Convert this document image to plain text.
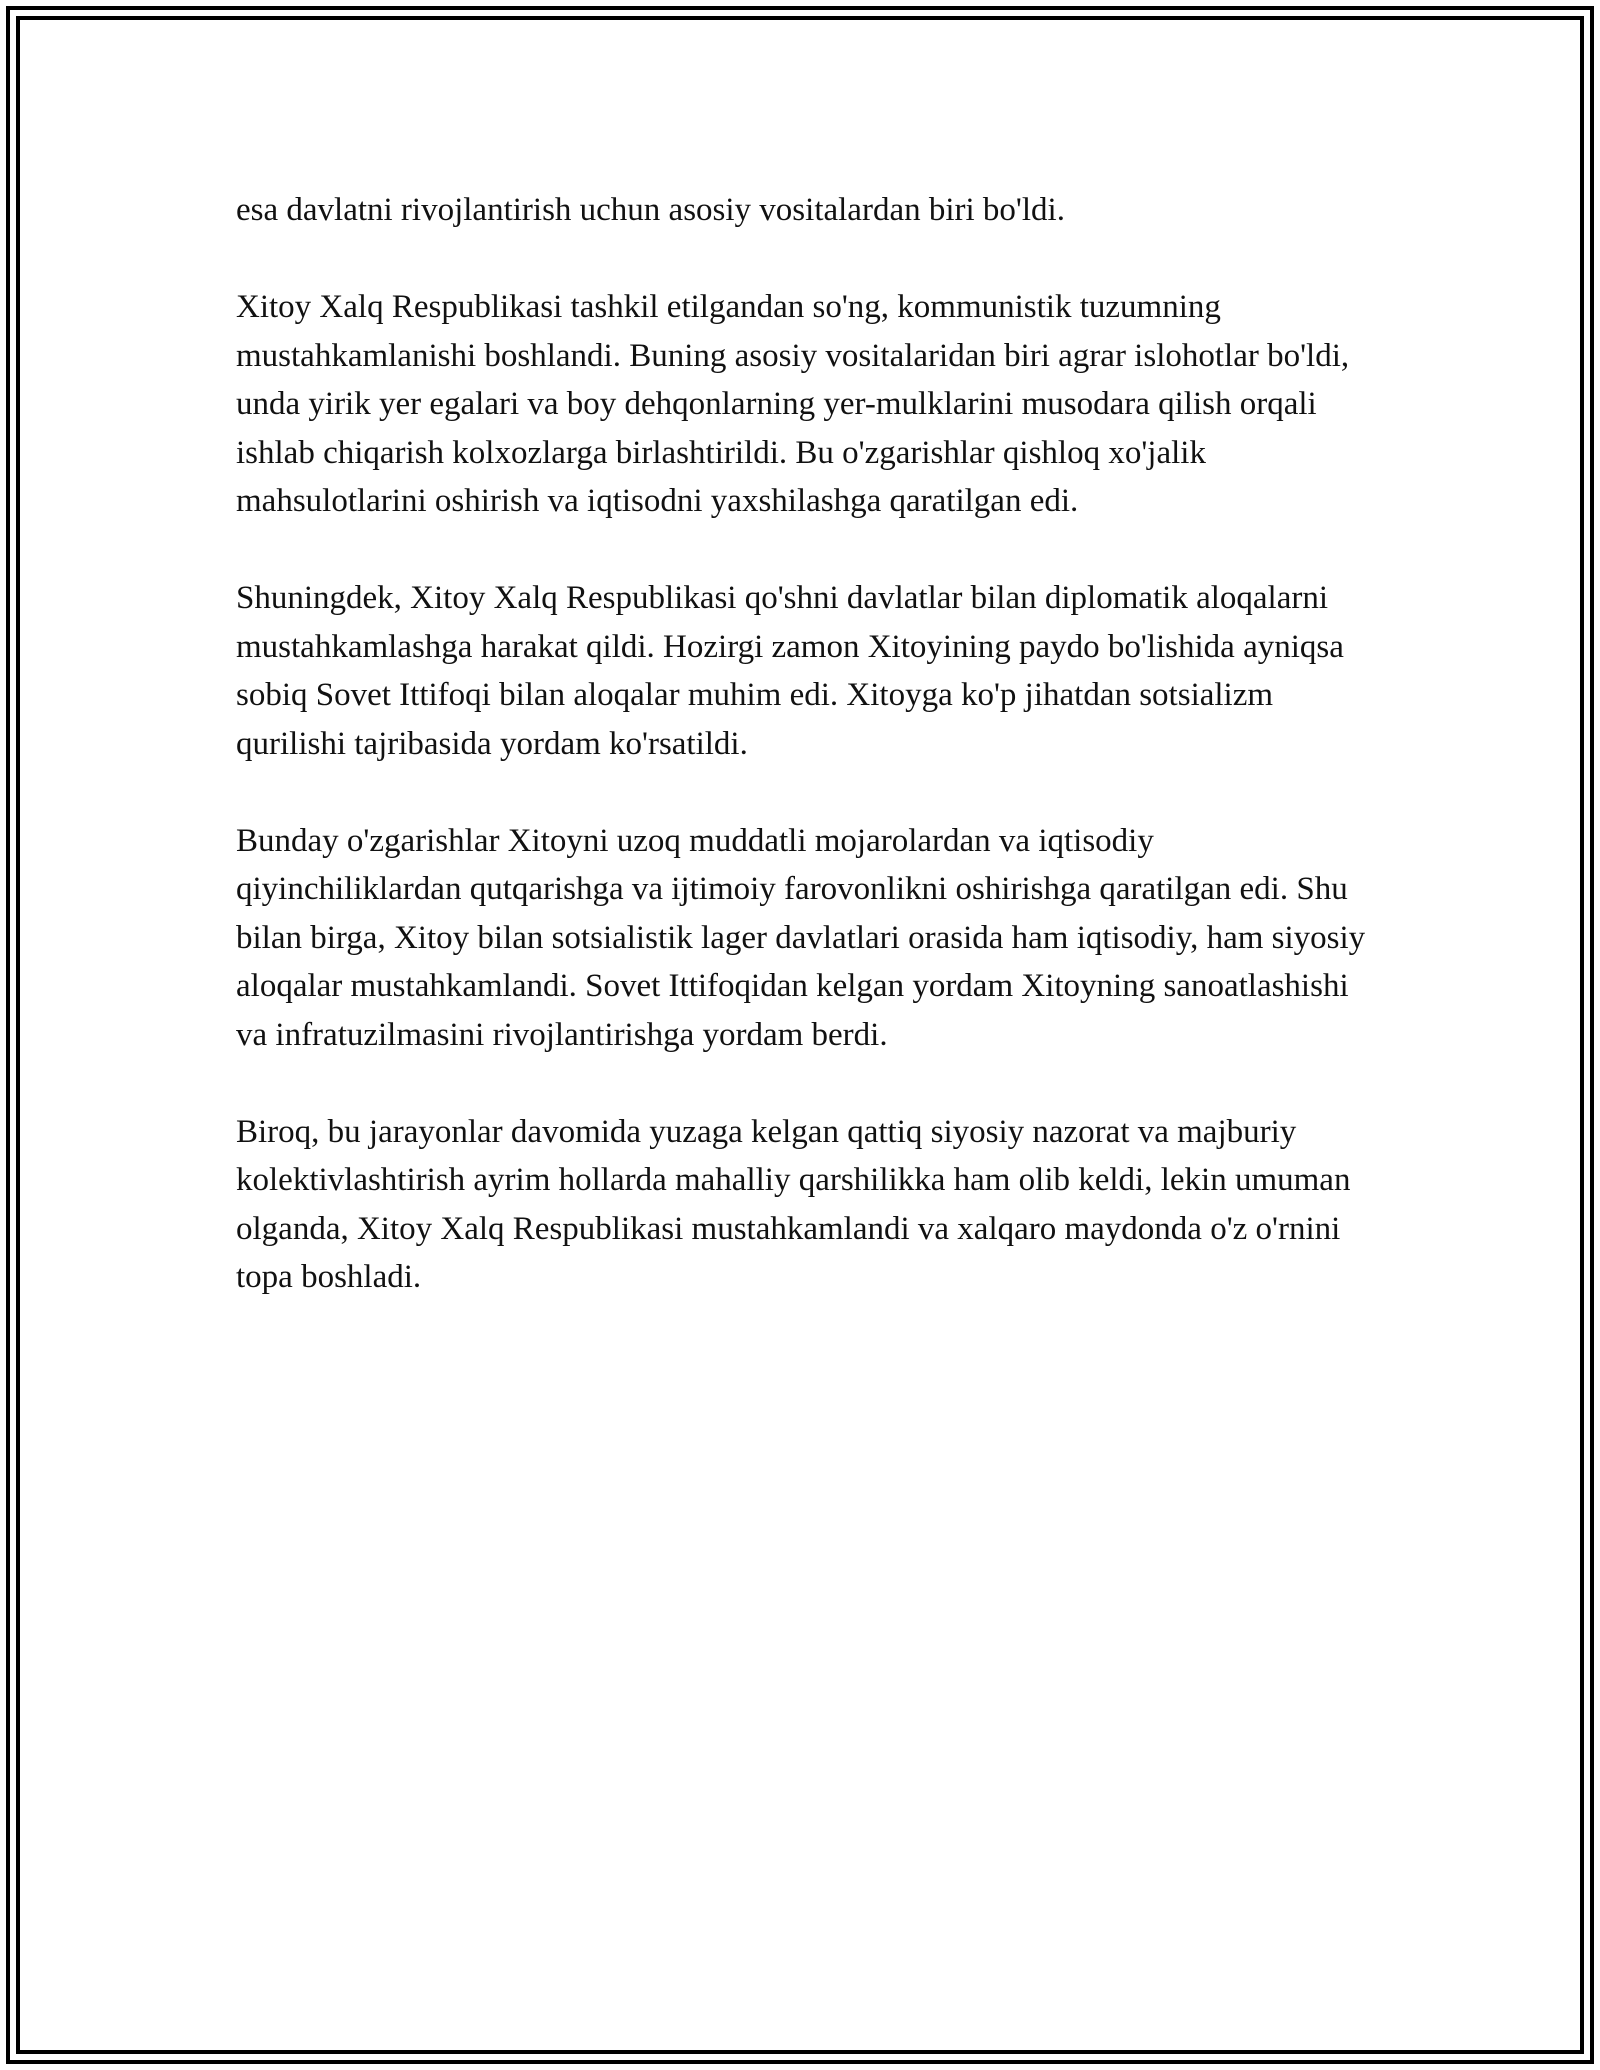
esa davlatni rivojlantirish uchun asosiy vositalardan biri bo'ldi.

Xitoy Xalq Respublikasi tashkil etilgandan so'ng, kommunistik tuzumning mustahkamlanishi boshlandi. Buning asosiy vositalaridan biri agrar islohotlar bo'ldi, unda yirik yer egalari va boy dehqonlarning yer-mulklarini musodara qilish orqali ishlab chiqarish kolxozlarga birlashtirildi. Bu o'zgarishlar qishloq xo'jalik mahsulotlarini oshirish va iqtisodni yaxshilashga qaratilgan edi.

Shuningdek, Xitoy Xalq Respublikasi qo'shni davlatlar bilan diplomatik aloqalarni mustahkamlashga harakat qildi. Hozirgi zamon Xitoyining paydo bo'lishida ayniqsa sobiq Sovet Ittifoqi bilan aloqalar muhim edi. Xitoyga ko'p jihatdan sotsializm qurilishi tajribasida yordam ko'rsatildi.

Bunday o'zgarishlar Xitoyni uzoq muddatli mojarolardan va iqtisodiy qiyinchiliklardan qutqarishga va ijtimoiy farovonlikni oshirishga qaratilgan edi. Shu bilan birga, Xitoy bilan sotsialistik lager davlatlari orasida ham iqtisodiy, ham siyosiy aloqalar mustahkamlandi. Sovet Ittifoqidan kelgan yordam Xitoyning sanoatlashishi va infratuzilmasini rivojlantirishga yordam berdi.

Biroq, bu jarayonlar davomida yuzaga kelgan qattiq siyosiy nazorat va majburiy kolektivlashtirish ayrim hollarda mahalliy qarshilikka ham olib keldi, lekin umuman olganda, Xitoy Xalq Respublikasi mustahkamlandi va xalqaro maydonda o'z o'rnini topa boshladi.
